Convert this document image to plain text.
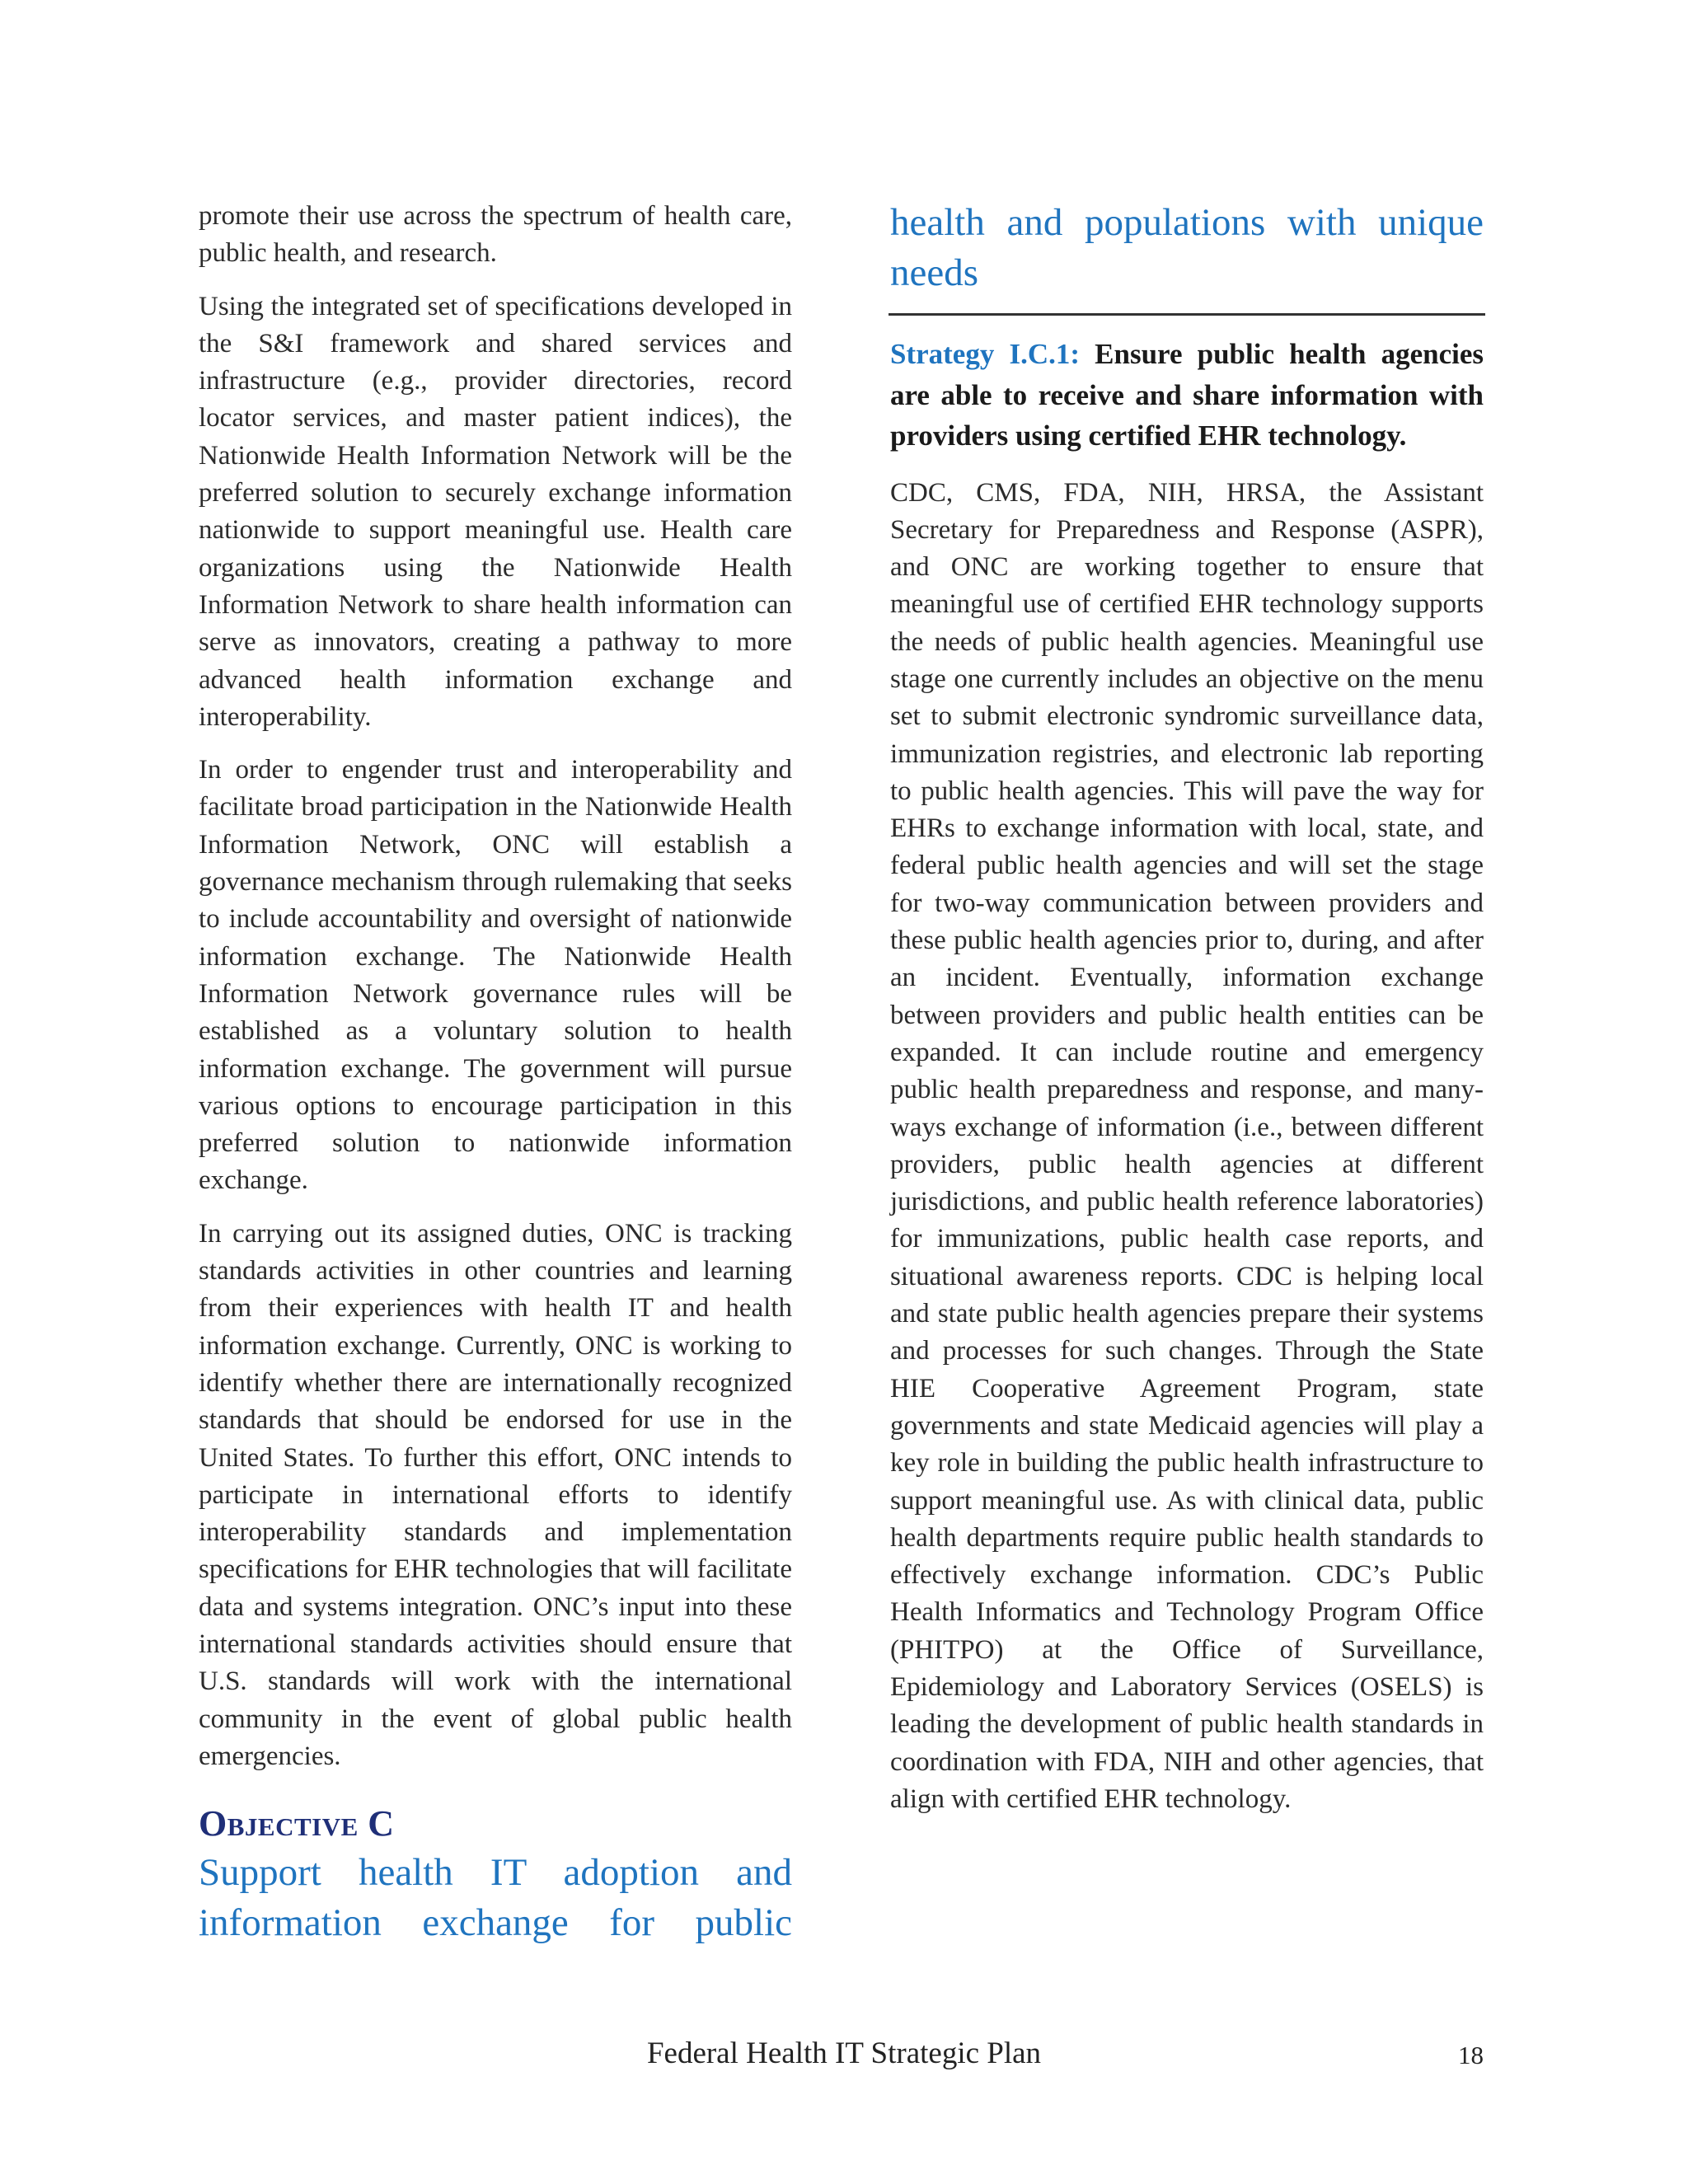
promote their use across the spectrum of health care, public health, and research.

Using the integrated set of specifications developed in the S&I framework and shared services and infrastructure (e.g., provider directories, record locator services, and master patient indices), the Nationwide Health Information Network will be the preferred solution to securely exchange information nationwide to support meaningful use. Health care organizations using the Nationwide Health Information Network to share health information can serve as innovators, creating a pathway to more advanced health information exchange and interoperability.

In order to engender trust and interoperability and facilitate broad participation in the Nationwide Health Information Network, ONC will establish a governance mechanism through rulemaking that seeks to include accountability and oversight of nationwide information exchange. The Nationwide Health Information Network governance rules will be established as a voluntary solution to health information exchange. The government will pursue various options to encourage participation in this preferred solution to nationwide information exchange.

In carrying out its assigned duties, ONC is tracking standards activities in other countries and learning from their experiences with health IT and health information exchange. Currently, ONC is working to identify whether there are internationally recognized standards that should be endorsed for use in the United States. To further this effort, ONC intends to participate in international efforts to identify interoperability standards and implementation specifications for EHR technologies that will facilitate data and systems integration. ONC’s input into these international standards activities should ensure that U.S. standards will work with the international community in the event of global public health emergencies.

Objective C
Support health IT adoption and
information exchange for public
health and populations with unique
needs

Strategy I.C.1: Ensure public health agencies are able to receive and share information with providers using certified EHR technology.

CDC, CMS, FDA, NIH, HRSA, the Assistant Secretary for Preparedness and Response (ASPR), and ONC are working together to ensure that meaningful use of certified EHR technology supports the needs of public health agencies. Meaningful use stage one currently includes an objective on the menu set to submit electronic syndromic surveillance data, immunization registries, and electronic lab reporting to public health agencies. This will pave the way for EHRs to exchange information with local, state, and federal public health agencies and will set the stage for two-way communication between providers and these public health agencies prior to, during, and after an incident. Eventually, information exchange between providers and public health entities can be expanded. It can include routine and emergency public health preparedness and response, and many-ways exchange of information (i.e., between different providers, public health agencies at different jurisdictions, and public health reference laboratories) for immunizations, public health case reports, and situational awareness reports. CDC is helping local and state public health agencies prepare their systems and processes for such changes. Through the State HIE Cooperative Agreement Program, state governments and state Medicaid agencies will play a key role in building the public health infrastructure to support meaningful use. As with clinical data, public health departments require public health standards to effectively exchange information. CDC’s Public Health Informatics and Technology Program Office (PHITPO) at the Office of Surveillance, Epidemiology and Laboratory Services (OSELS) is leading the development of public health standards in coordination with FDA, NIH and other agencies, that align with certified EHR technology.

Federal Health IT Strategic Plan	18
